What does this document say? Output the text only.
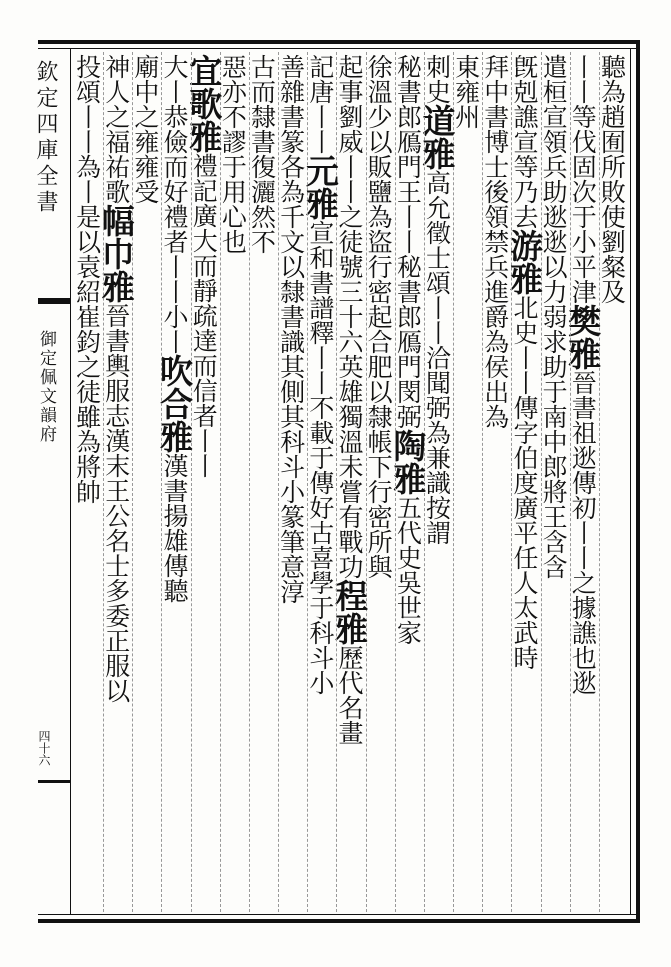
欽定四庫全書
御定佩文韻府
四十六
聽為趙囿所敗使劉粲及
丨丨等伐固次于小平津樊雅晉書祖逖傳初丨丨之據譙也逖
遣桓宣領兵助逖逖以力弱求助于南中郎將王含含
旣剋譙宣等乃去游雅北史丨丨傳字伯度廣平任人太武時
拜中書博士後領禁兵進爵為侯出為
東雍州
刺史道雅高允徵士頌丨丨洽聞弼為兼識按謂
秘書郎鴈門王丨丨秘書郎鴈門閔弼陶雅五代史吳世家
徐溫少以販鹽為盜行密起合肥以隸帳下行密所與
起事劉威丨丨之徒號三十六英雄獨溫未嘗有戰功程雅歷代名畫
記唐丨丨元雅宣和書譜釋丨丨不載于傳好古喜學于科斗小
善雜書篆各為千文以隸書識其側其科斗小篆筆意淳
古而隸書復灑然不
惡亦不謬于用心也
宜歌雅禮記廣大而靜疏達而信者丨丨
大丨恭儉而好禮者丨丨小丨吹合雅漢書揚雄傳聽
廟中之雍雍受
神人之福祐歌幅巾雅晉書輿服志漢末王公名士多委正服以
投頌丨丨為丨是以袁紹崔鈞之徒雖為將帥
